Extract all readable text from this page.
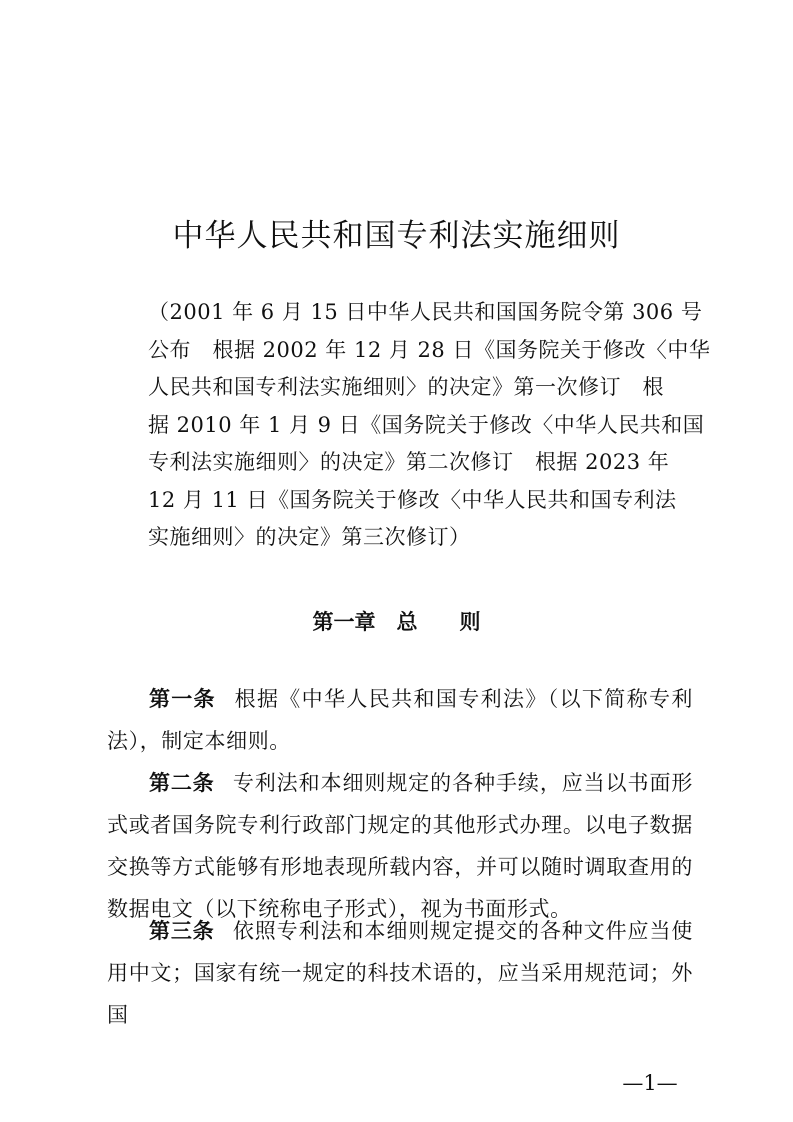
中华人民共和国专利法实施细则
（2001 年 6 月 15 日中华人民共和国国务院令第 306 号
公布　根据 2002 年 12 月 28 日《国务院关于修改〈中华
人民共和国专利法实施细则〉的决定》第一次修订　根
据 2010 年 1 月 9 日《国务院关于修改〈中华人民共和国
专利法实施细则〉的决定》第二次修订　根据 2023 年
12 月 11 日《国务院关于修改〈中华人民共和国专利法
实施细则〉的决定》第三次修订）
第一章　总　　则

第一条 根据《中华人民共和国专利法》（以下简称专利法），制定本细则。

第二条 专利法和本细则规定的各种手续，应当以书面形式或者国务院专利行政部门规定的其他形式办理。以电子数据交换等方式能够有形地表现所载内容，并可以随时调取查用的数据电文（以下统称电子形式），视为书面形式。

第三条 依照专利法和本细则规定提交的各种文件应当使用中文；国家有统一规定的科技术语的，应当采用规范词；外国

—1—
